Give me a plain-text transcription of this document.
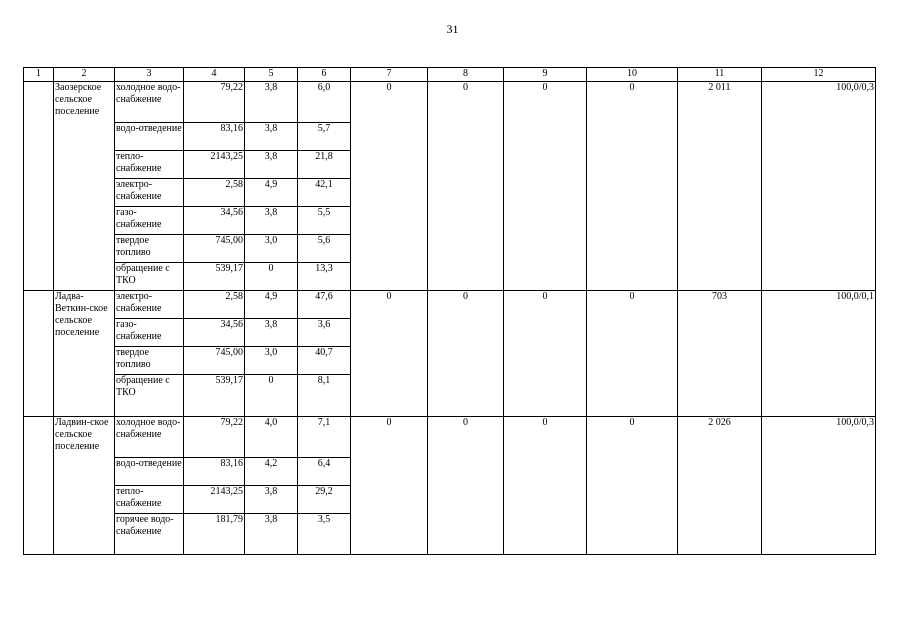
31
1	2	3	4	5	6	7	8	9	10	11	12
	Заозерское сельское поселение	холодное водо-снабжение	79,22	3,8	6,0	0	0	0	0	2 011	100,0/0,3
		водо-отведение	83,16	3,8	5,7						
		тепло-снабжение	2143,25	3,8	21,8						
		электро-снабжение	2,58	4,9	42,1						
		газо-снабжение	34,56	3,8	5,5						
		твердое топливо	745,00	3,0	5,6						
		обращение с ТКО	539,17	0	13,3						
	Ладва-Веткин-ское сельское поселение	электро-снабжение	2,58	4,9	47,6	0	0	0	0	703	100,0/0,1
		газо-снабжение	34,56	3,8	3,6						
		твердое топливо	745,00	3,0	40,7						
		обращение с ТКО	539,17	0	8,1						
	Ладвин-ское сельское поселение	холодное водо-снабжение	79,22	4,0	7,1	0	0	0	0	2 026	100,0/0,3
		водо-отведение	83,16	4,2	6,4						
		тепло-снабжение	2143,25	3,8	29,2						
		горячее водо-снабжение	181,79	3,8	3,5						
